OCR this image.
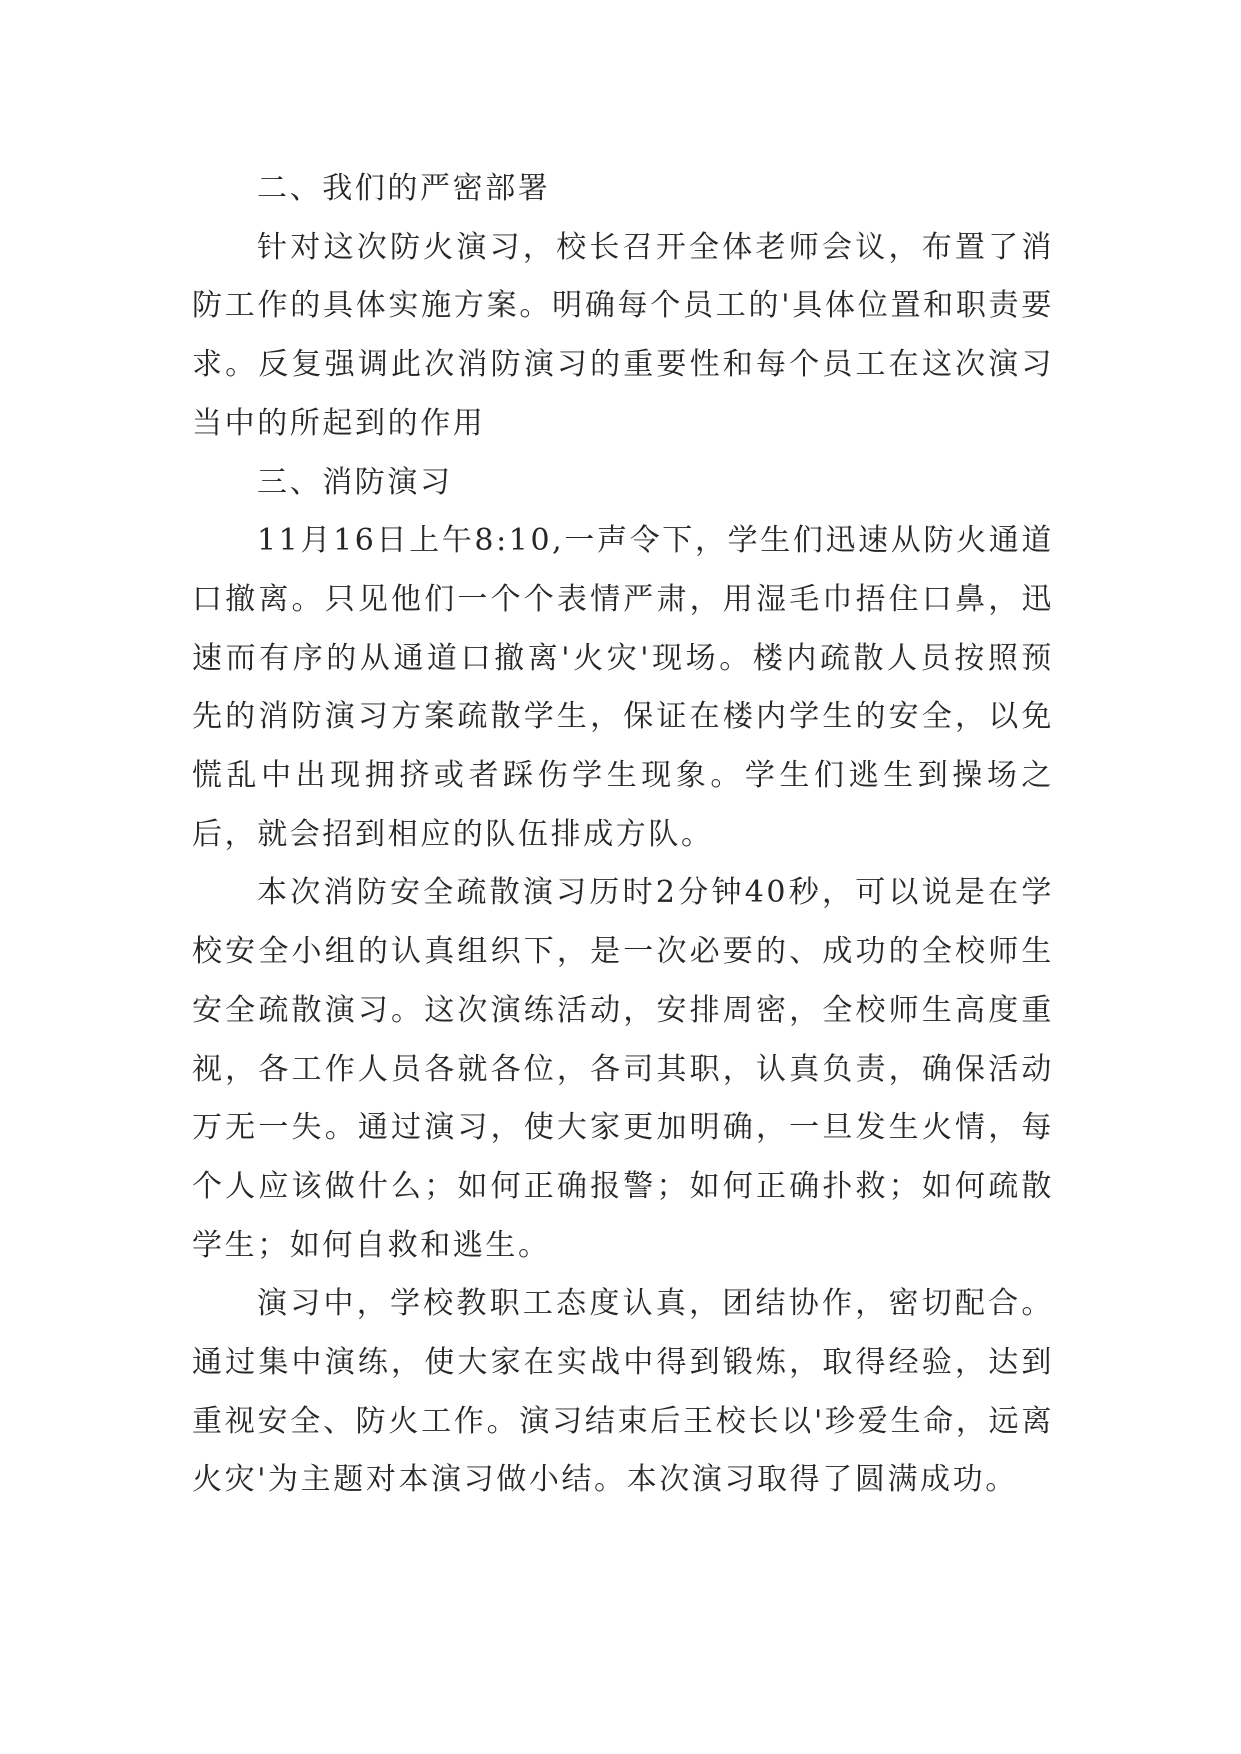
二、我们的严密部署

针对这次防火演习，校长召开全体老师会议，布置了消防工作的具体实施方案。明确每个员工的'具体位置和职责要求。反复强调此次消防演习的重要性和每个员工在这次演习当中的所起到的作用

三、消防演习

11月16日上午8:10,一声令下，学生们迅速从防火通道口撤离。只见他们一个个表情严肃，用湿毛巾捂住口鼻，迅速而有序的从通道口撤离'火灾'现场。楼内疏散人员按照预先的消防演习方案疏散学生，保证在楼内学生的安全，以免慌乱中出现拥挤或者踩伤学生现象。学生们逃生到操场之后，就会招到相应的队伍排成方队。

本次消防安全疏散演习历时2分钟40秒，可以说是在学校安全小组的认真组织下，是一次必要的、成功的全校师生安全疏散演习。这次演练活动，安排周密，全校师生高度重视，各工作人员各就各位，各司其职，认真负责，确保活动万无一失。通过演习，使大家更加明确，一旦发生火情，每个人应该做什么；如何正确报警；如何正确扑救；如何疏散学生；如何自救和逃生。

演习中，学校教职工态度认真，团结协作，密切配合。通过集中演练，使大家在实战中得到锻炼，取得经验，达到重视安全、防火工作。演习结束后王校长以'珍爱生命，远离火灾'为主题对本演习做小结。本次演习取得了圆满成功。
